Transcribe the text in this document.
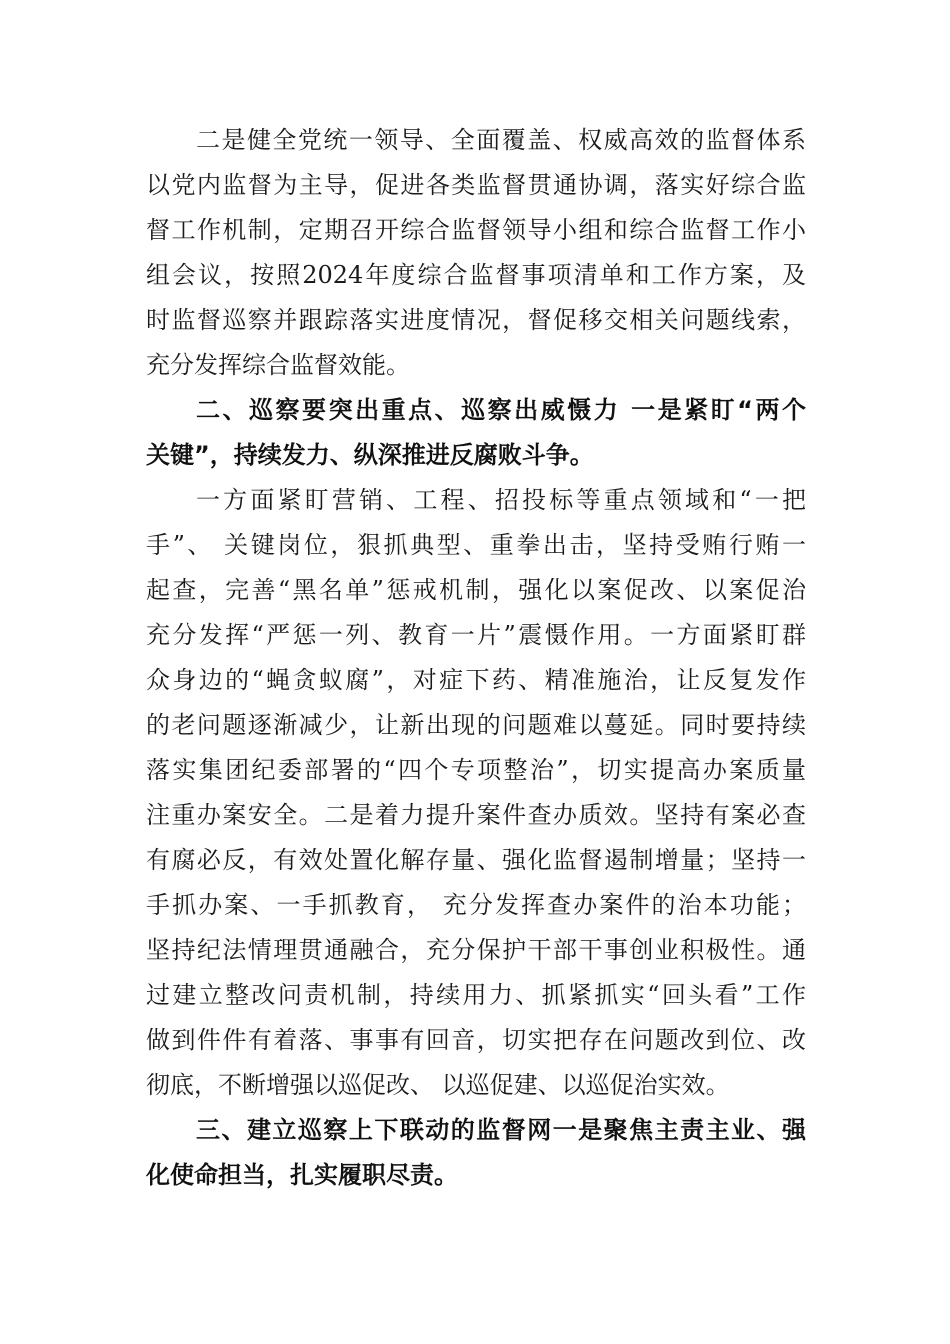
二是健全党统一领导、全面覆盖、权威高效的监督体系
以党内监督为主导，促进各类监督贯通协调，落实好综合监
督工作机制，定期召开综合监督领导小组和综合监督工作小
组会议，按照2024年度综合监督事项清单和工作方案，及
时监督巡察并跟踪落实进度情况，督促移交相关问题线索，
充分发挥综合监督效能。
二、巡察要突出重点、巡察出威慑力 一是紧盯“两个
关键”，持续发力、纵深推进反腐败斗争。
一方面紧盯营销、工程、招投标等重点领域和“一把
手”、 关键岗位，狠抓典型、重拳出击，坚持受贿行贿一
起查，完善“黑名单”惩戒机制，强化以案促改、以案促治
充分发挥“严惩一列、教育一片”震慑作用。一方面紧盯群
众身边的“蝇贪蚁腐”，对症下药、精准施治，让反复发作
的老问题逐渐减少，让新出现的问题难以蔓延。同时要持续
落实集团纪委部署的“四个专项整治”，切实提高办案质量
注重办案安全。二是着力提升案件查办质效。坚持有案必查
有腐必反，有效处置化解存量、强化监督遏制增量；坚持一
手抓办案、一手抓教育， 充分发挥查办案件的治本功能；
坚持纪法情理贯通融合，充分保护干部干事创业积极性。通
过建立整改问责机制，持续用力、抓紧抓实“回头看”工作
做到件件有着落、事事有回音，切实把存在问题改到位、改
彻底，不断增强以巡促改、 以巡促建、以巡促治实效。
三、建立巡察上下联动的监督网一是聚焦主责主业、强
化使命担当，扎实履职尽责。
